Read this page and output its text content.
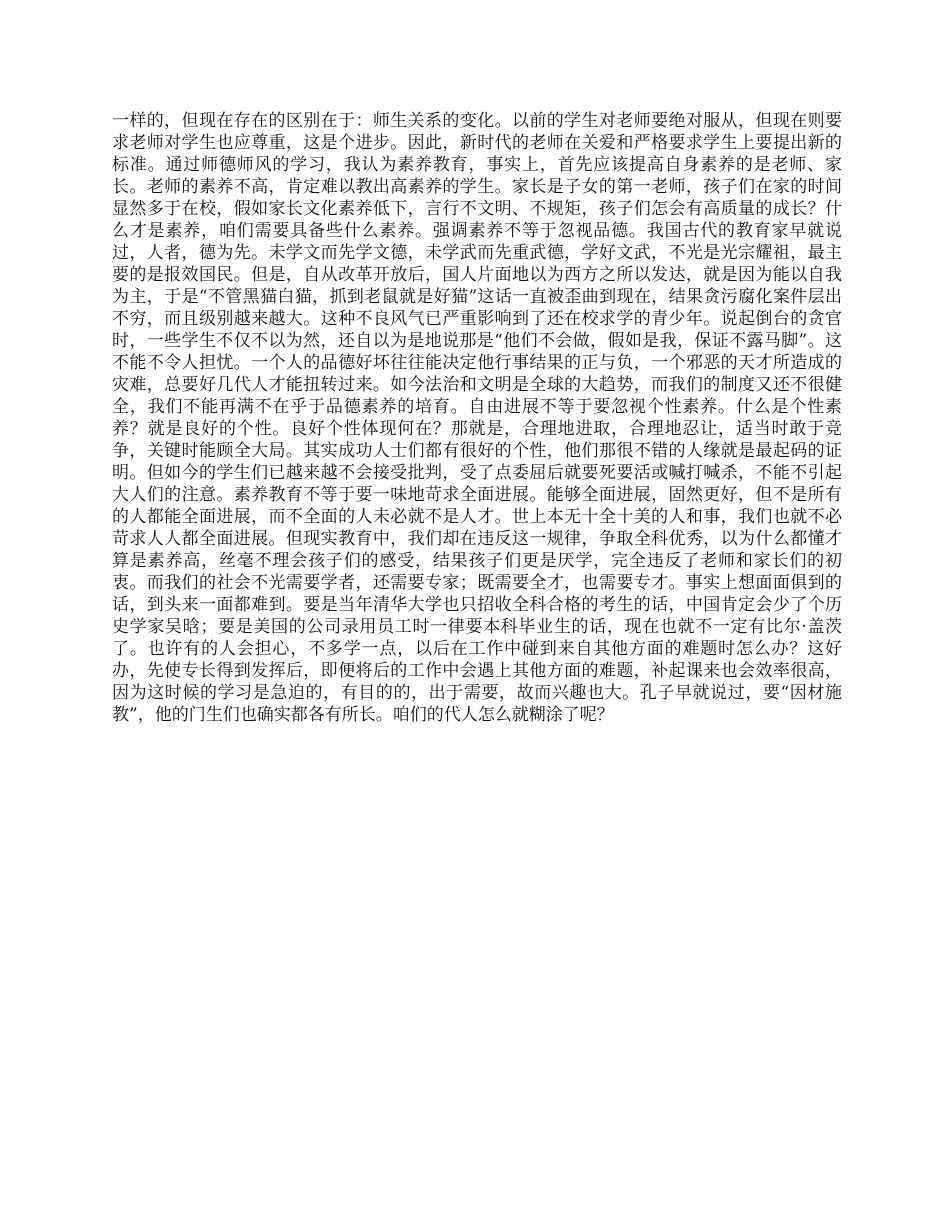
一样的，但现在存在的区别在于：师生关系的变化。以前的学生对老师要绝对服从，但现在则要求老师对学生也应尊重，这是个进步。因此，新时代的老师在关爱和严格要求学生上要提出新的标准。通过师德师风的学习，我认为素养教育，事实上，首先应该提高自身素养的是老师、家长。老师的素养不高，肯定难以教出高素养的学生。家长是子女的第一老师，孩子们在家的时间显然多于在校，假如家长文化素养低下，言行不文明、不规矩，孩子们怎会有高质量的成长？什么才是素养，咱们需要具备些什么素养。强调素养不等于忽视品德。我国古代的教育家早就说过，人者，德为先。未学文而先学文德，未学武而先重武德，学好文武，不光是光宗耀祖，最主要的是报效国民。但是，自从改革开放后，国人片面地以为西方之所以发达，就是因为能以自我为主，于是“不管黑猫白猫，抓到老鼠就是好猫”这话一直被歪曲到现在，结果贪污腐化案件层出不穷，而且级别越来越大。这种不良风气已严重影响到了还在校求学的青少年。说起倒台的贪官时，一些学生不仅不以为然，还自以为是地说那是“他们不会做，假如是我，保证不露马脚”。这不能不令人担忧。一个人的品德好坏往往能决定他行事结果的正与负，一个邪恶的天才所造成的灾难，总要好几代人才能扭转过来。如今法治和文明是全球的大趋势，而我们的制度又还不很健全，我们不能再满不在乎于品德素养的培育。自由进展不等于要忽视个性素养。什么是个性素养？就是良好的个性。良好个性体现何在？那就是，合理地进取，合理地忍让，适当时敢于竞争，关键时能顾全大局。其实成功人士们都有很好的个性，他们那很不错的人缘就是最起码的证明。但如今的学生们已越来越不会接受批判，受了点委屈后就要死要活或喊打喊杀，不能不引起大人们的注意。素养教育不等于要一味地苛求全面进展。能够全面进展，固然更好，但不是所有的人都能全面进展，而不全面的人未必就不是人才。世上本无十全十美的人和事，我们也就不必苛求人人都全面进展。但现实教育中，我们却在违反这一规律，争取全科优秀，以为什么都懂才算是素养高，丝毫不理会孩子们的感受，结果孩子们更是厌学，完全违反了老师和家长们的初衷。而我们的社会不光需要学者，还需要专家；既需要全才，也需要专才。事实上想面面俱到的话，到头来一面都难到。要是当年清华大学也只招收全科合格的考生的话，中国肯定会少了个历史学家吴晗；要是美国的公司录用员工时一律要本科毕业生的话，现在也就不一定有比尔·盖茨了。也许有的人会担心，不多学一点，以后在工作中碰到来自其他方面的难题时怎么办？这好办，先使专长得到发挥后，即便将后的工作中会遇上其他方面的难题，补起课来也会效率很高，因为这时候的学习是急迫的，有目的的，出于需要，故而兴趣也大。孔子早就说过，要“因材施教”，他的门生们也确实都各有所长。咱们的代人怎么就糊涂了呢？
